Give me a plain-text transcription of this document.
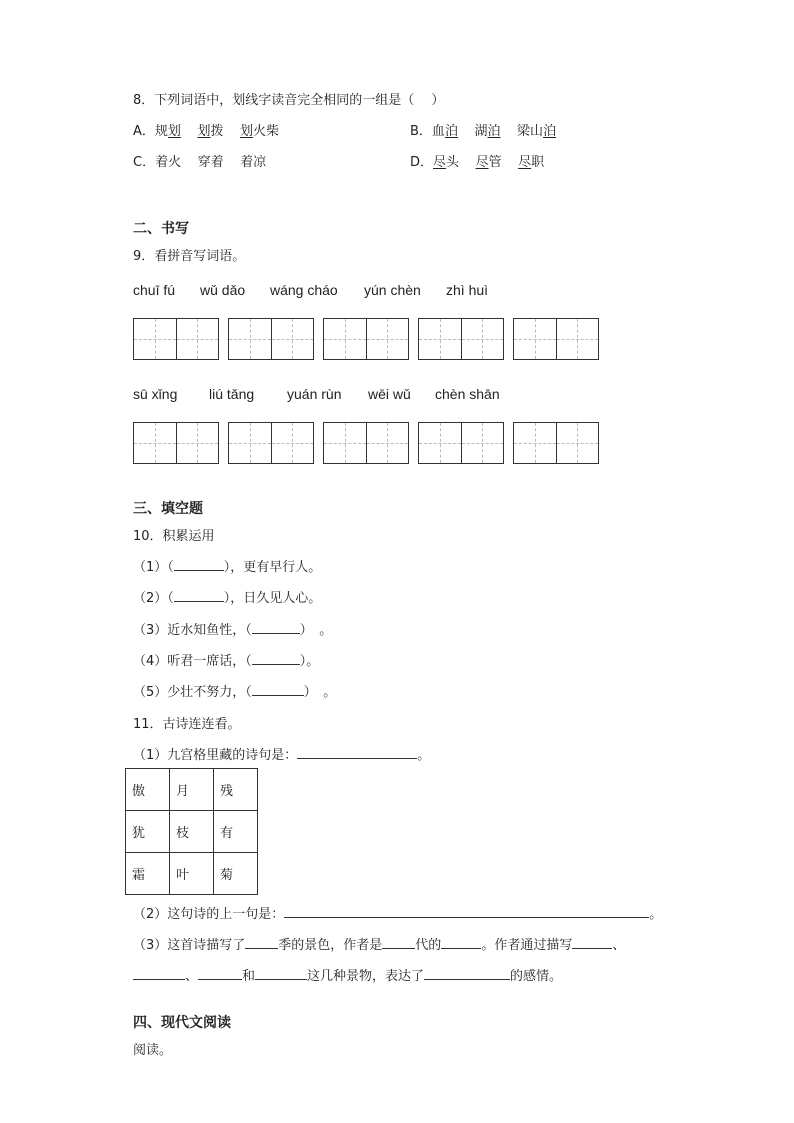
8．下列词语中，划线字读音完全相同的一组是（　 ）
A．规划 划拨 划火柴	B．血泊 湖泊 梁山泊
C．着火 穿着 着凉	D．尽头 尽管 尽职
二、书写
9．看拼音写词语。
chuī fú wǔ dǎo wáng cháo yún chèn zhì huì
sū xǐng liú tǎng yuán rùn wēi wǔ chèn shān
三、填空题
10．积累运用
（1）（	），更有早行人。
（2）（	），日久见人心。
（3）近水知鱼性，（	）　。
（4）听君一席话，（	）。
（5）少壮不努力，（	）　。
11．古诗连连看。
（1）九宫格里藏的诗句是：	。
傲	月	残
犹	枝	有
霜	叶	菊
（2）这句诗的上一句是：	。
（3）这首诗描写了	季的景色，作者是	代的	。作者通过描写	、
、	和	这几种景物，表达了	的感情。
四、现代文阅读
阅读。
